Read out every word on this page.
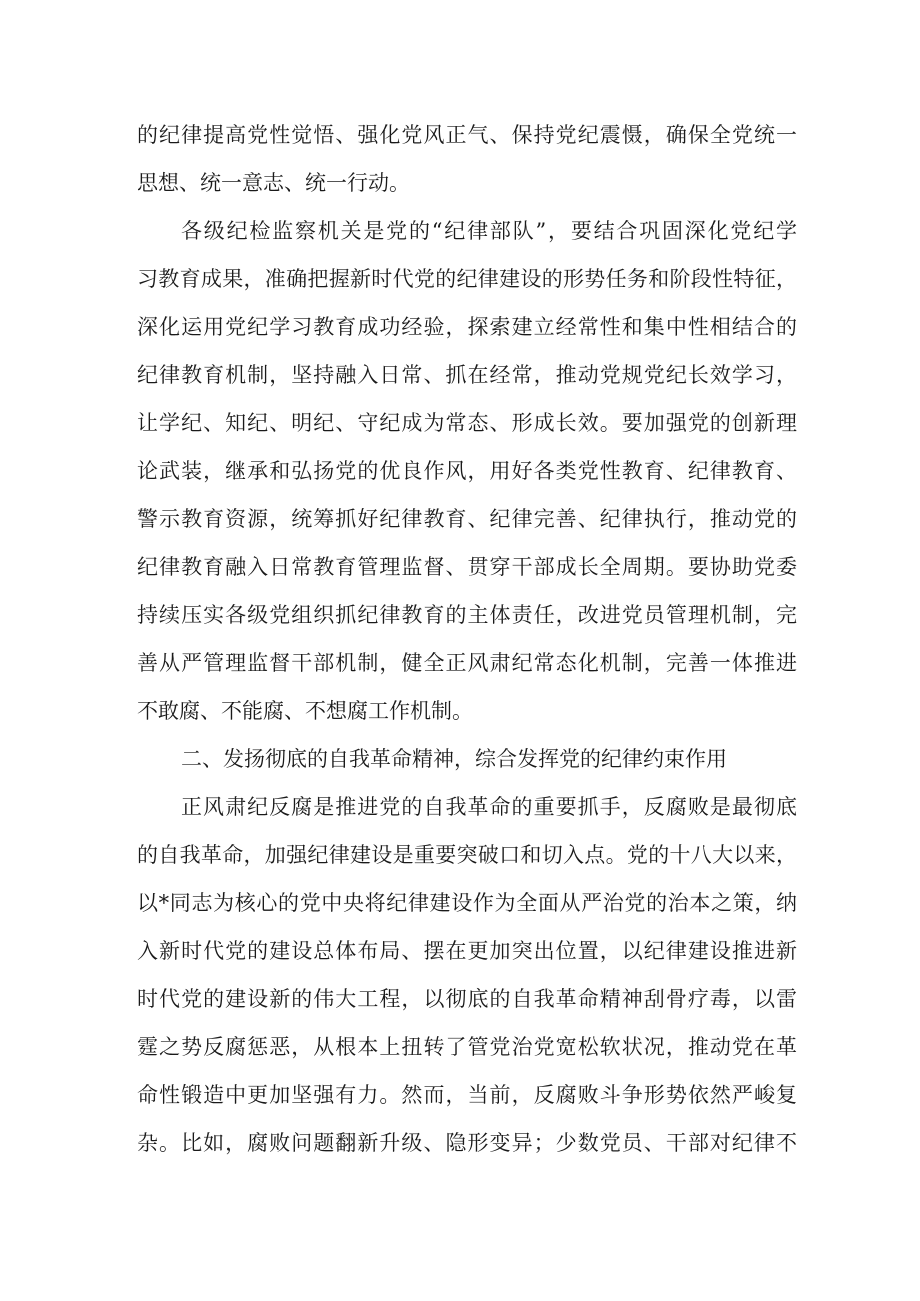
的纪律提高党性觉悟、强化党风正气、保持党纪震慑，确保全党统一
思想、统一意志、统一行动。
各级纪检监察机关是党的“纪律部队”，要结合巩固深化党纪学
习教育成果，准确把握新时代党的纪律建设的形势任务和阶段性特征，
深化运用党纪学习教育成功经验，探索建立经常性和集中性相结合的
纪律教育机制，坚持融入日常、抓在经常，推动党规党纪长效学习，
让学纪、知纪、明纪、守纪成为常态、形成长效。要加强党的创新理
论武装，继承和弘扬党的优良作风，用好各类党性教育、纪律教育、
警示教育资源，统筹抓好纪律教育、纪律完善、纪律执行，推动党的
纪律教育融入日常教育管理监督、贯穿干部成长全周期。要协助党委
持续压实各级党组织抓纪律教育的主体责任，改进党员管理机制，完
善从严管理监督干部机制，健全正风肃纪常态化机制，完善一体推进
不敢腐、不能腐、不想腐工作机制。
二、发扬彻底的自我革命精神，综合发挥党的纪律约束作用
正风肃纪反腐是推进党的自我革命的重要抓手，反腐败是最彻底
的自我革命，加强纪律建设是重要突破口和切入点。党的十八大以来，
以*同志为核心的党中央将纪律建设作为全面从严治党的治本之策，纳
入新时代党的建设总体布局、摆在更加突出位置，以纪律建设推进新
时代党的建设新的伟大工程，以彻底的自我革命精神刮骨疗毒，以雷
霆之势反腐惩恶，从根本上扭转了管党治党宽松软状况，推动党在革
命性锻造中更加坚强有力。然而，当前，反腐败斗争形势依然严峻复
杂。比如，腐败问题翻新升级、隐形变异；少数党员、干部对纪律不
